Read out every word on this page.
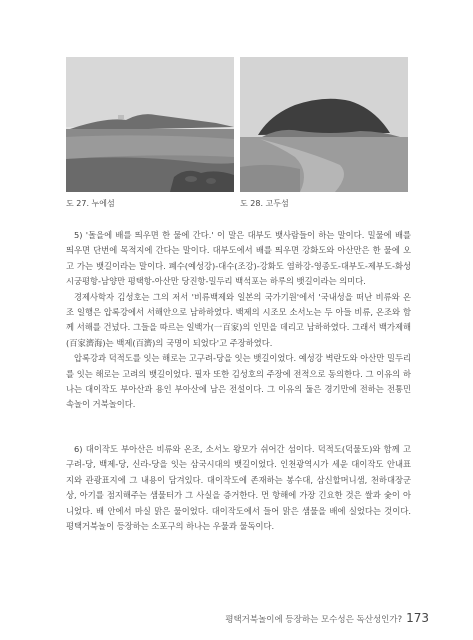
도 27. 누에섬	도 28. 고두섬

5) '돌을에 배를 띄우면 한 물에 간다.' 이 말은 대부도 뱃사람들이 하는 말이다. 밀물에 배를 띄우면 단번에 목적지에 간다는 말이다. 대부도에서 배를 띄우면 강화도와 아산만은 한 물에 오고 가는 뱃길이라는 말이다. 폐수(예성강)-대수(조강)-강화도 염하강-영종도-대부도-제부도-화성시궁평항-남양만 평택항-아산만 당진항-밀두리 백석포는 하루의 뱃길이라는 의미다.

경제사학자 김성호는 그의 저서 '비류백제와 일본의 국가기원'에서 '국내성을 떠난 비류와 온조 일행은 압록강에서 서해안으로 남하하였다. 백제의 시조모 소서노는 두 아들 비류, 온조와 함께 서해를 건넜다. 그들을 따르는 일백가(一百家)의 인민을 데리고 남하하였다. 그래서 백가제해(百家濟海)는 백제(百濟)의 국명이 되었다'고 주장하였다.

압록강과 덕적도를 잇는 해로는 고구려-당을 잇는 뱃길이었다. 예성강 벽란도와 아산만 밀두리를 잇는 해로는 고려의 뱃길이었다. 필자 또한 김성호의 주장에 전적으로 동의한다. 그 이유의 하나는 대이작도 부아산과 용인 부아산에 남은 전설이다. 그 이유의 둘은 경기만에 전하는 전통민속놀이 거북놀이다.

6) 대이작도 부아산은 비류와 온조, 소서노 왕모가 쉬어간 섬이다. 덕적도(덕물도)와 함께 고구려-당, 백제-당, 신라-당을 잇는 삼국시대의 뱃길이었다. 인천광역시가 세운 대이작도 안내표지와 관광표지에 그 내용이 담겨있다. 대이작도에 존재하는 봉수대, 삼신할머니샘, 천하대장군상, 아기를 점지해주는 샘물터가 그 사실을 증거한다. 먼 항해에 가장 긴요한 것은 쌀과 숯이 아니었다. 배 안에서 마실 맑은 물이었다. 대이작도에서 들어 맑은 샘물을 배에 실었다는 것이다. 평택거북놀이 등장하는 소포구의 하나는 우물과 물독이다.

평택거북놀이에 등장하는 모수성은 독산성인가? 173
